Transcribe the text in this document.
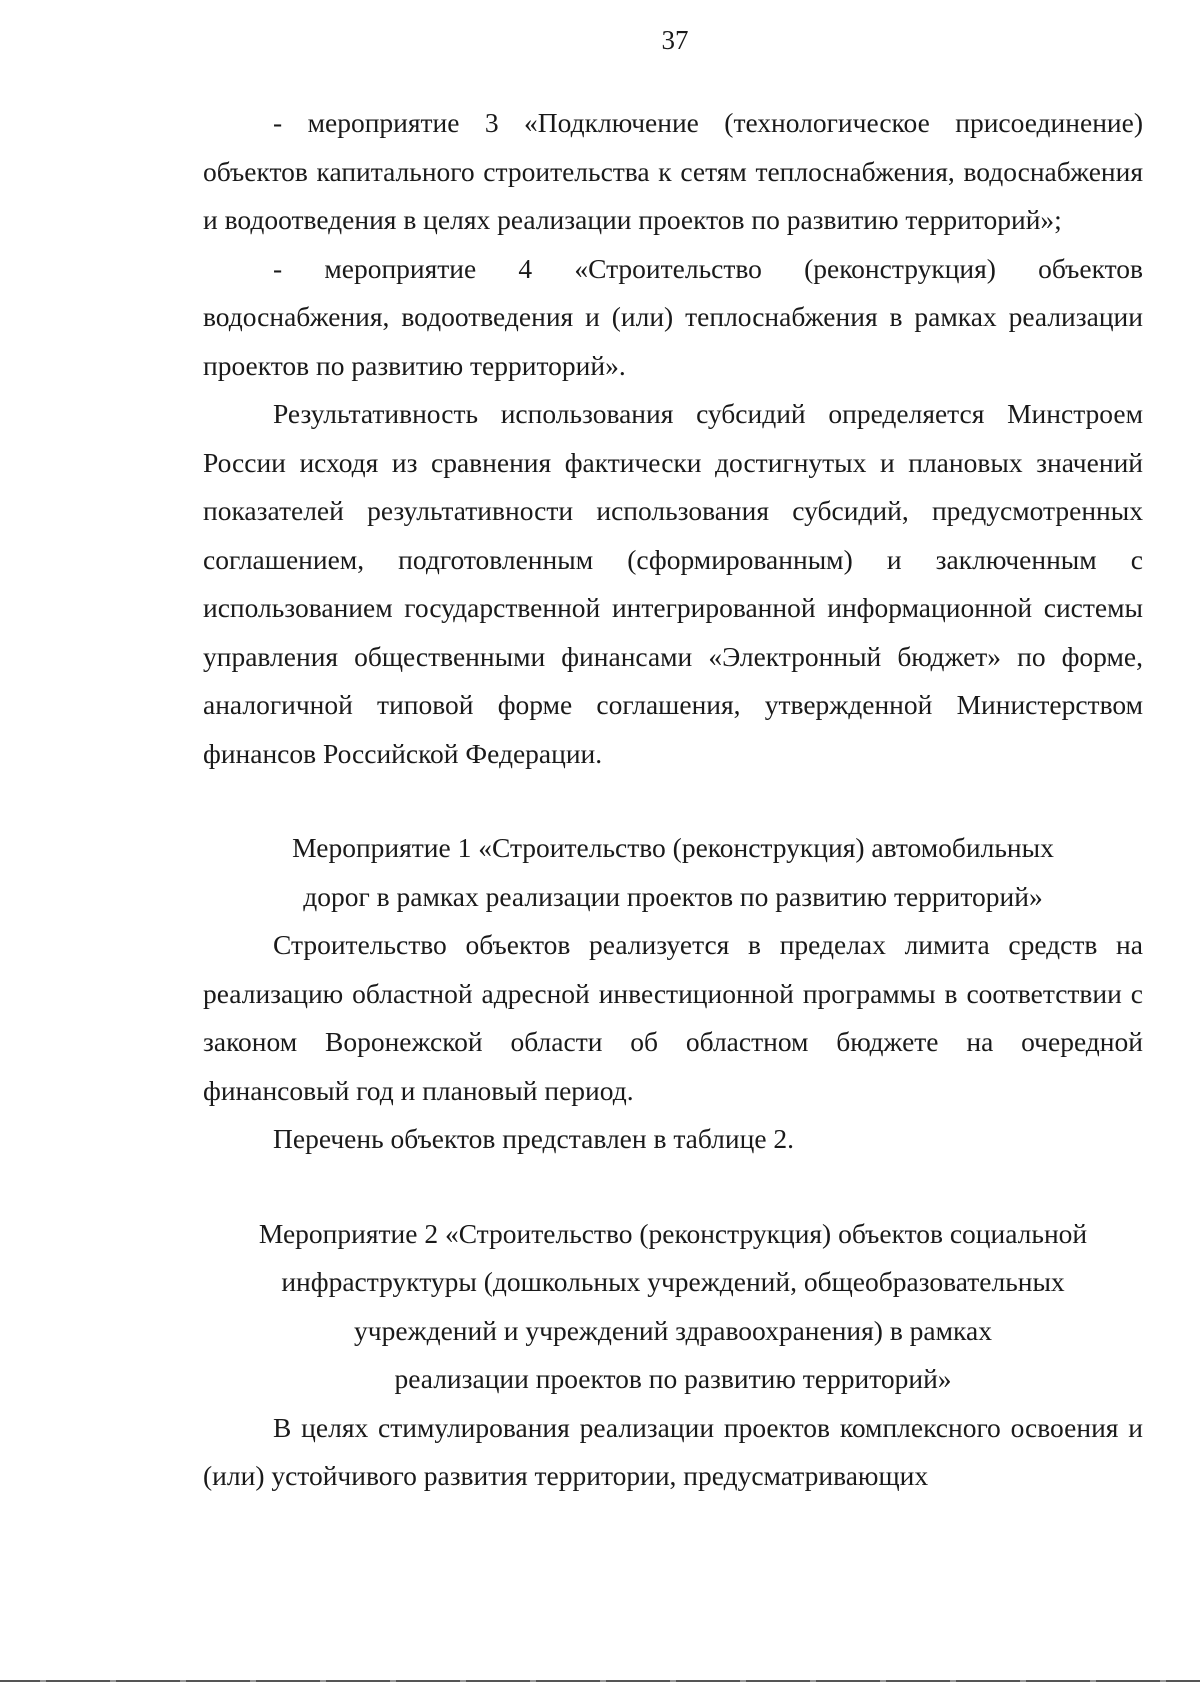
37

- мероприятие 3 «Подключение (технологическое присоединение) объектов капитального строительства к сетям теплоснабжения, водоснабжения и водоотведения в целях реализации проектов по развитию территорий»;

- мероприятие 4 «Строительство (реконструкция) объектов водоснабжения, водоотведения и (или) теплоснабжения в рамках реализации проектов по развитию территорий».

Результативность использования субсидий определяется Минстроем России исходя из сравнения фактически достигнутых и плановых значений показателей результативности использования субсидий, предусмотренных соглашением, подготовленным (сформированным) и заключенным с использованием государственной интегрированной информационной системы управления общественными финансами «Электронный бюджет» по форме, аналогичной типовой форме соглашения, утвержденной Министерством финансов Российской Федерации.

Мероприятие 1 «Строительство (реконструкция) автомобильных
дорог в рамках реализации проектов по развитию территорий»

Строительство объектов реализуется в пределах лимита средств на реализацию областной адресной инвестиционной программы в соответствии с законом Воронежской области об областном бюджете на очередной финансовый год и плановый период.

Перечень объектов представлен в таблице 2.

Мероприятие 2 «Строительство (реконструкция) объектов социальной
инфраструктуры (дошкольных учреждений, общеобразовательных
учреждений и учреждений здравоохранения) в рамках
реализации проектов по развитию территорий»

В целях стимулирования реализации проектов комплексного освоения и (или) устойчивого развития территории, предусматривающих
